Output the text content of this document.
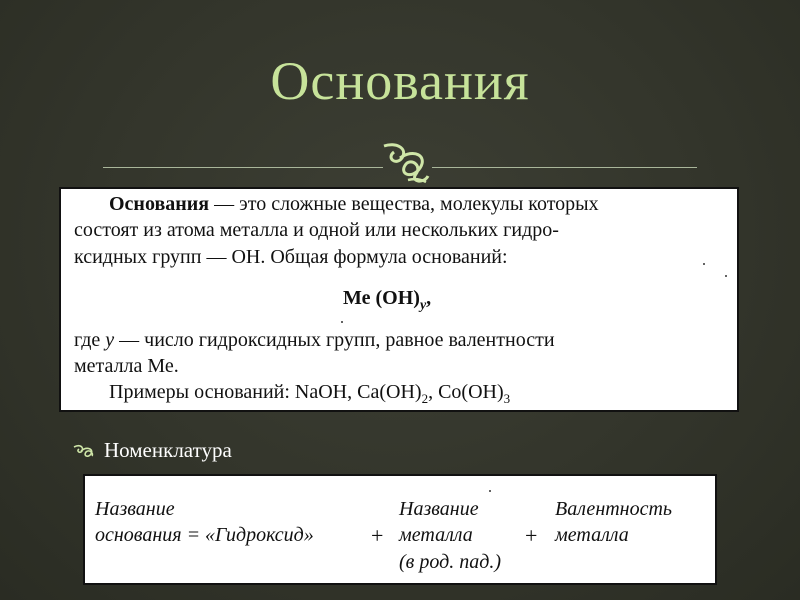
Основания
Основания — это сложные вещества, молекулы которых
состоят из атома металла и одной или нескольких гидро-
ксидных групп — ОН. Общая формула оснований:
Ме $(ОН)_y$,
где y — число гидроксидных групп, равное валентности
металла Ме.
Примеры оснований: NaOH, $Ca(OH)_2$, $Co(OH)_3$
Номенклатура
Название
основания = «Гидроксид»	+
Название
металла
(в род. пад.)
+
Валентность
металла
